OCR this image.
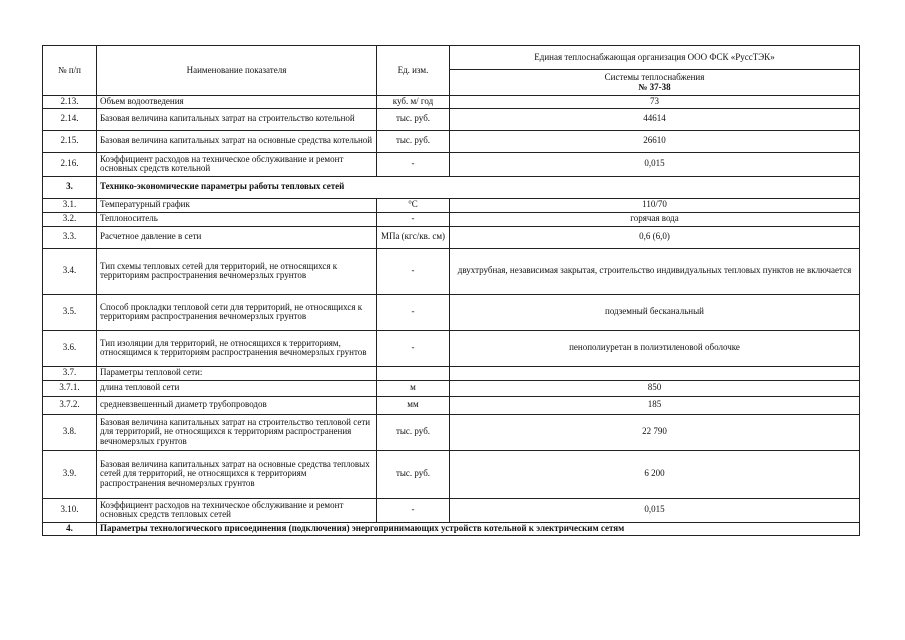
№ п/п	Наименование показателя	Ед. изм.	Единая теплоснабжающая организация ООО ФСК «РуссТЭК»
			Системы теплоснабжения
№ 37-38

2.13.	Объем водоотведения	куб. м/ год	73
2.14.	Базовая величина капитальных затрат на строительство котельной	тыс. руб.	44614
2.15.	Базовая величина капитальных затрат на основные средства котельной	тыс. руб.	26610
2.16.	Коэффициент расходов на техническое обслуживание и ремонт основных средств котельной	-	0,015
3.	Технико-экономические параметры работы тепловых сетей		
3.1.	Температурный график	°С	110/70
3.2.	Теплоноситель	-	горячая вода
3.3.	Расчетное давление в сети	МПа (кгс/кв. см)	0,6 (6,0)
3.4.	Тип схемы тепловых сетей для территорий, не относящихся к территориям распространения вечномерзлых грунтов	-	двухтрубная, независимая закрытая, строительство индивидуальных тепловых пунктов не включается
3.5.	Способ прокладки тепловой сети для территорий, не относящихся к территориям распространения вечномерзлых грунтов	-	подземный бесканальный
3.6.	Тип изоляции для территорий, не относящихся к территориям, относящимся к территориям распространения вечномерзлых грунтов	-	пенополиуретан в полиэтиленовой оболочке
3.7.	Параметры тепловой сети:		
3.7.1.	длина тепловой сети	м	850
3.7.2.	средневзвешенный диаметр трубопроводов	мм	185
3.8.	Базовая величина капитальных затрат на строительство тепловой сети для территорий, не относящихся к территориям распространения вечномерзлых грунтов	тыс. руб.	22 790
3.9.	Базовая величина капитальных затрат на основные средства тепловых сетей для территорий, не относящихся к территориям распространения вечномерзлых грунтов	тыс. руб.	6 200
3.10.	Коэффициент расходов на техническое обслуживание и ремонт основных средств тепловых сетей	-	0,015
4.	Параметры технологического присоединения (подключения) энергопринимающих устройств котельной к электрическим сетям		
